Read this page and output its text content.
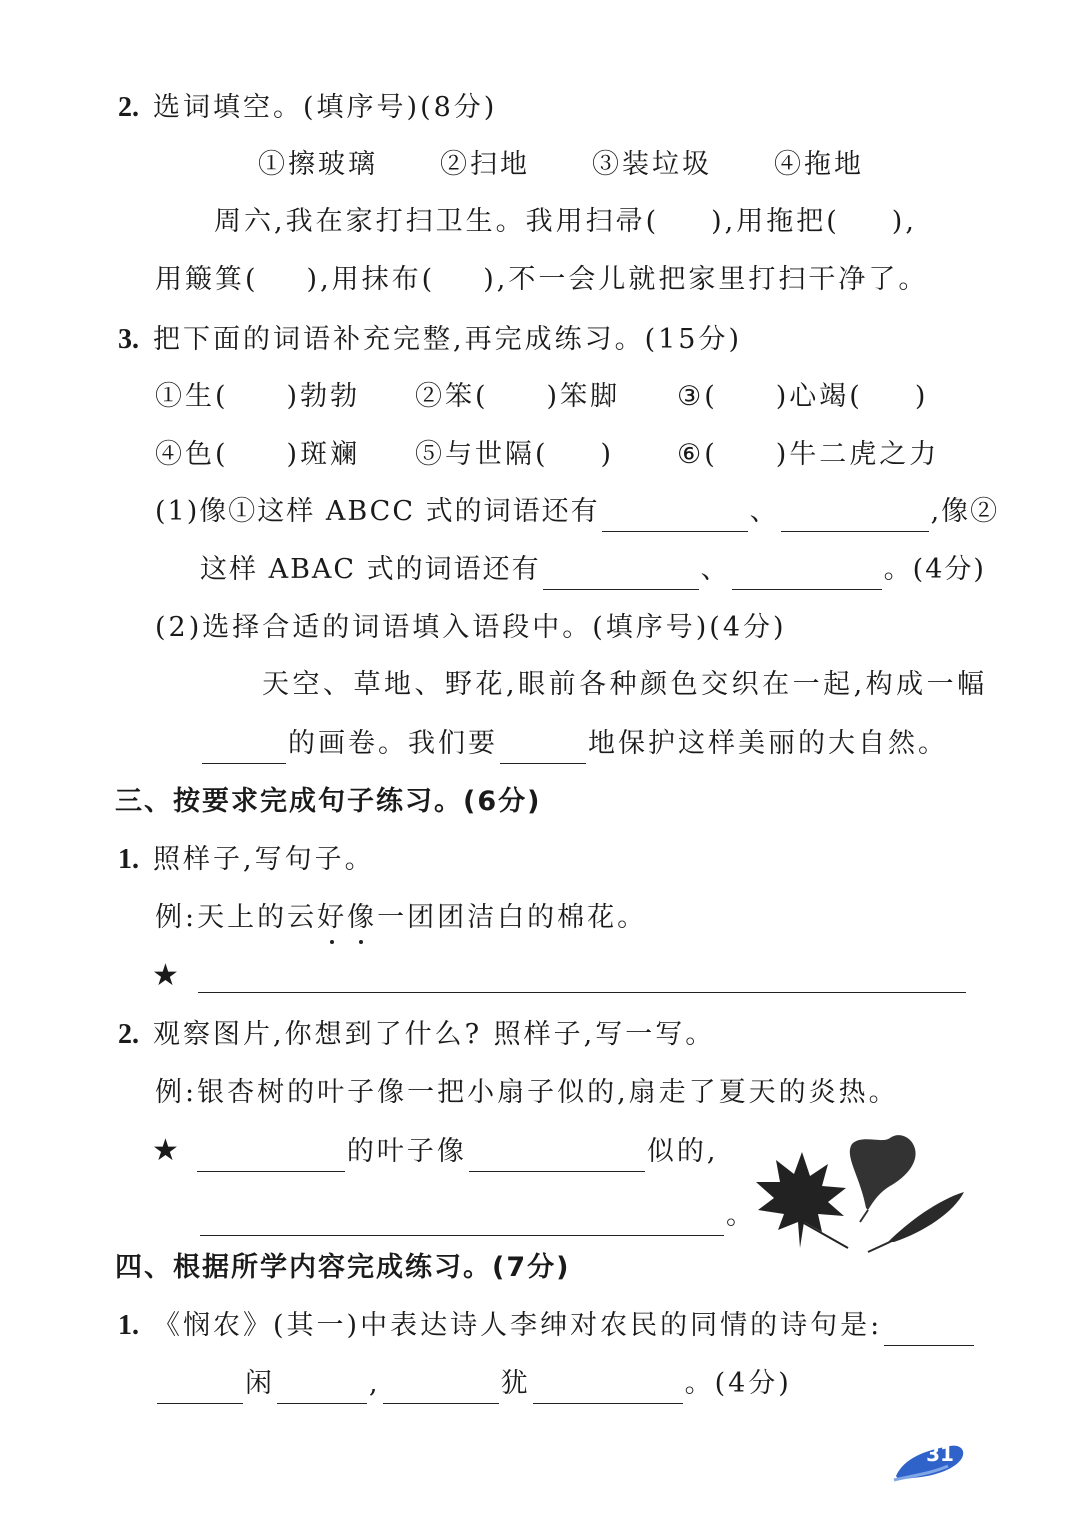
2. 选词填空。(填序号)(8分)
①擦玻璃 ②扫地 ③装垃圾 ④拖地
周六,我在家打扫卫生。我用扫帚( ),用拖把( ),
用簸箕( ),用抹布( ),不一会儿就把家里打扫干净了。
3. 把下面的词语补充完整,再完成练习。(15分)
①生( )勃勃 ②笨( )笨脚 ③( )心竭( )
④色( )斑斓 ⑤与世隔( ) ⑥( )牛二虎之力
(1)像①这样 ABCC 式的词语还有	、	,像②
这样 ABAC 式的词语还有	、	。(4分)
(2)选择合适的词语填入语段中。(填序号)(4分)
天空、草地、野花,眼前各种颜色交织在一起,构成一幅
的画卷。我们要	地保护这样美丽的大自然。
三、按要求完成句子练习。(6分)
1. 照样子,写句子。
例:天上的云好像一团团洁白的棉花。
★
2. 观察图片,你想到了什么? 照样子,写一写。
例:银杏树的叶子像一把小扇子似的,扇走了夏天的炎热。
★	的叶子像	似的,
。
四、根据所学内容完成练习。(7分)
1. 《悯农》(其一)中表达诗人李绅对农民的同情的诗句是:
闲	,	犹	。(4分)
31
